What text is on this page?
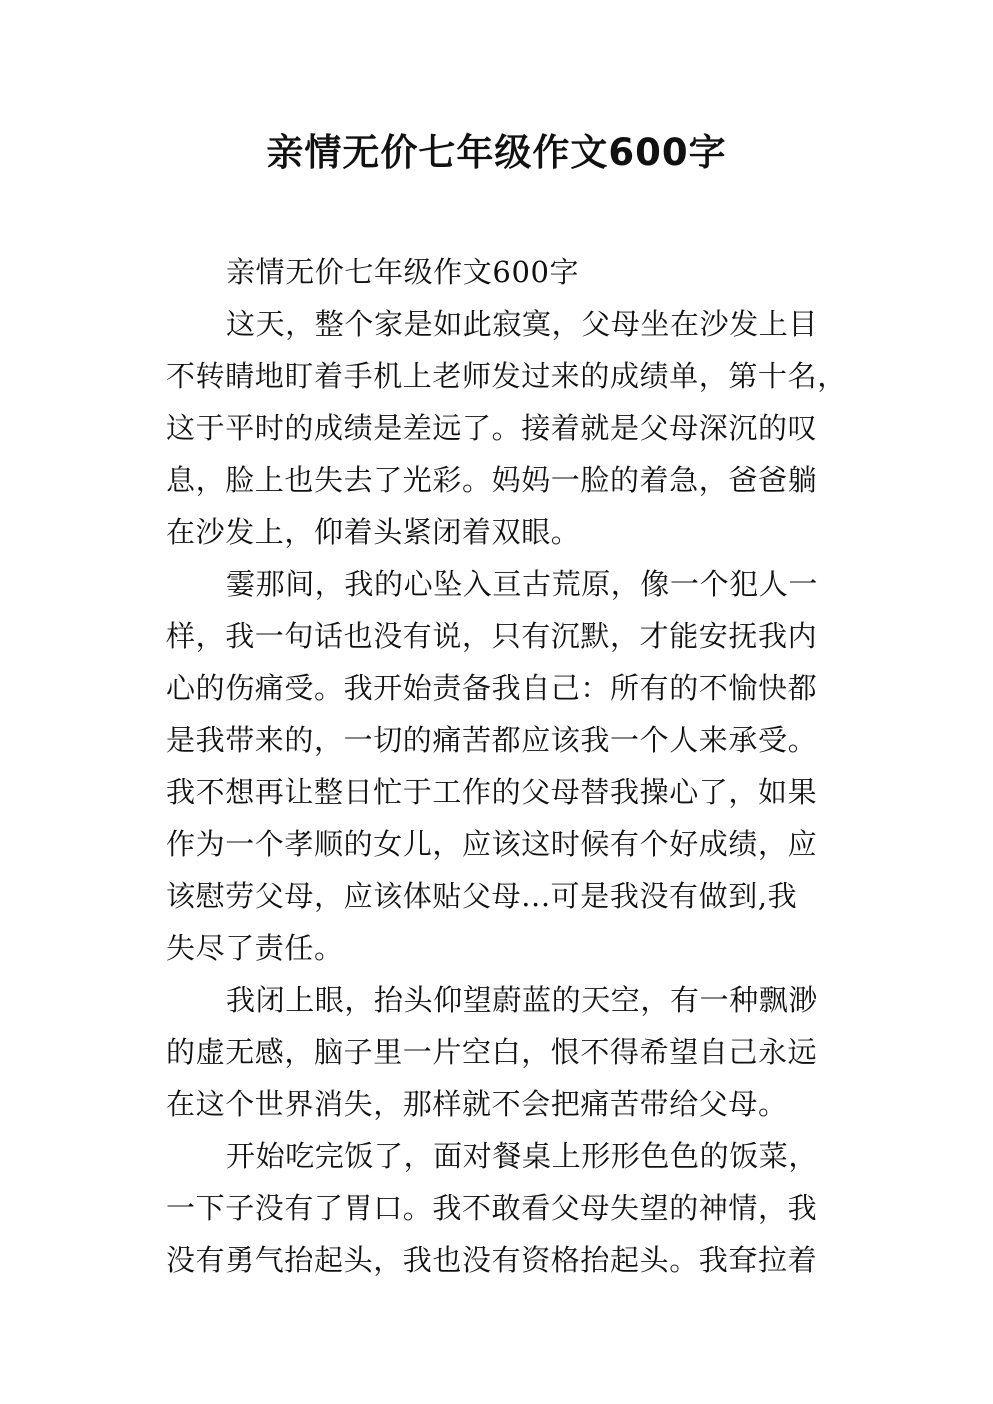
亲情无价七年级作文600字
亲情无价七年级作文600字
这天，整个家是如此寂寞，父母坐在沙发上目
不转睛地盯着手机上老师发过来的成绩单，第十名，
这于平时的成绩是差远了。接着就是父母深沉的叹
息，脸上也失去了光彩。妈妈一脸的着急，爸爸躺
在沙发上，仰着头紧闭着双眼。
霎那间，我的心坠入亘古荒原，像一个犯人一
样，我一句话也没有说，只有沉默，才能安抚我内
心的伤痛受。我开始责备我自己：所有的不愉快都
是我带来的，一切的痛苦都应该我一个人来承受。
我不想再让整日忙于工作的父母替我操心了，如果
作为一个孝顺的女儿，应该这时候有个好成绩，应
该慰劳父母，应该体贴父母...可是我没有做到,我
失尽了责任。
我闭上眼，抬头仰望蔚蓝的天空，有一种飘渺
的虚无感，脑子里一片空白，恨不得希望自己永远
在这个世界消失，那样就不会把痛苦带给父母。
开始吃完饭了，面对餐桌上形形色色的饭菜，
一下子没有了胃口。我不敢看父母失望的神情，我
没有勇气抬起头，我也没有资格抬起头。我耷拉着
